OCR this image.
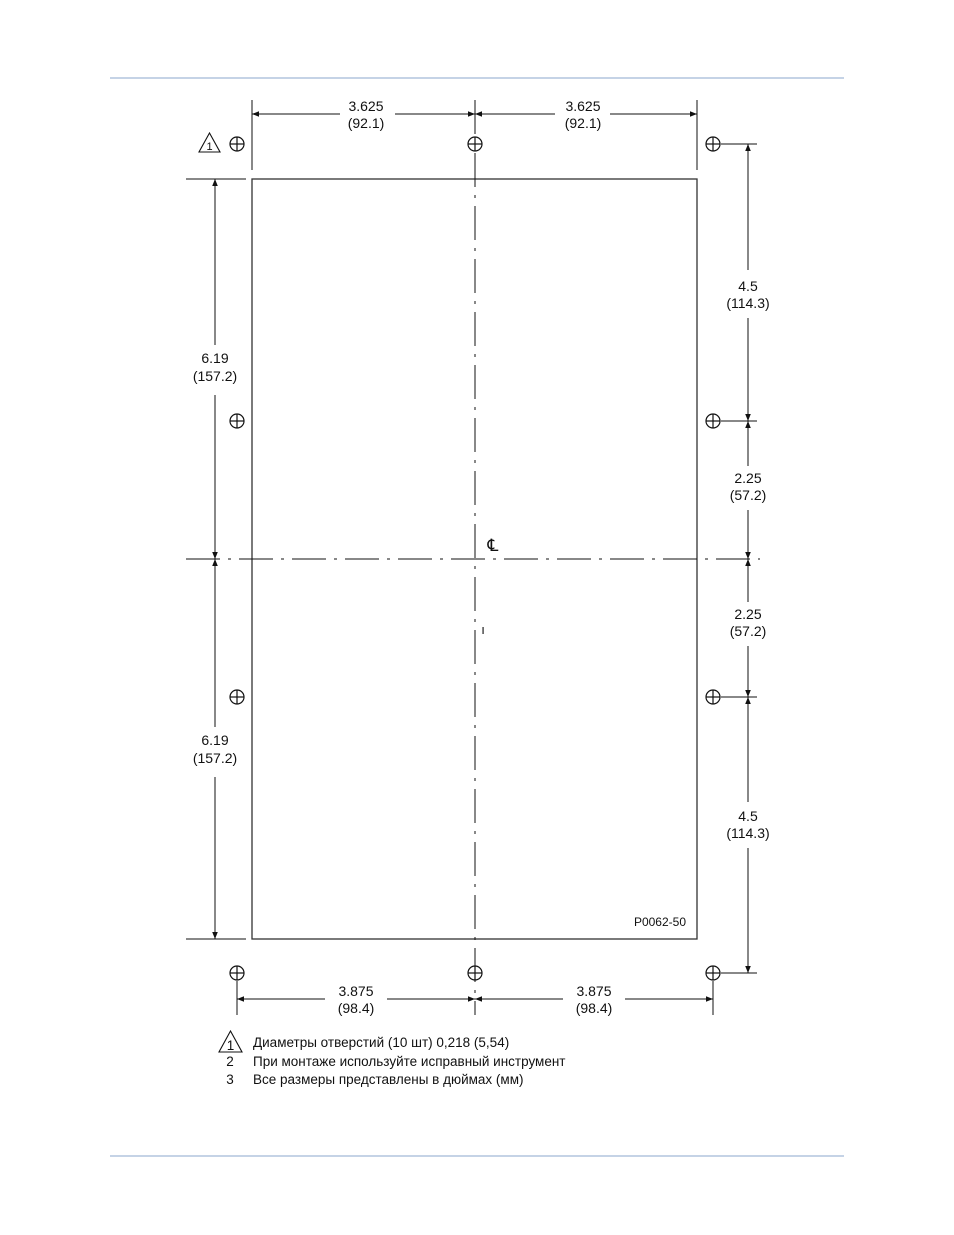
℄
ı
1
3.625
(92.1)
3.625
(92.1)
3.875
(98.4)
3.875
(98.4)
6.19
(157.2)
6.19
(157.2)
4.5
(114.3)
2.25
(57.2)
2.25
(57.2)
4.5
(114.3)
P0062-50
1 Диаметры отверстий (10 шт) 0,218 (5,54)
2 При монтаже используйте исправный инструмент
3 Все размеры представлены в дюймах (мм)
